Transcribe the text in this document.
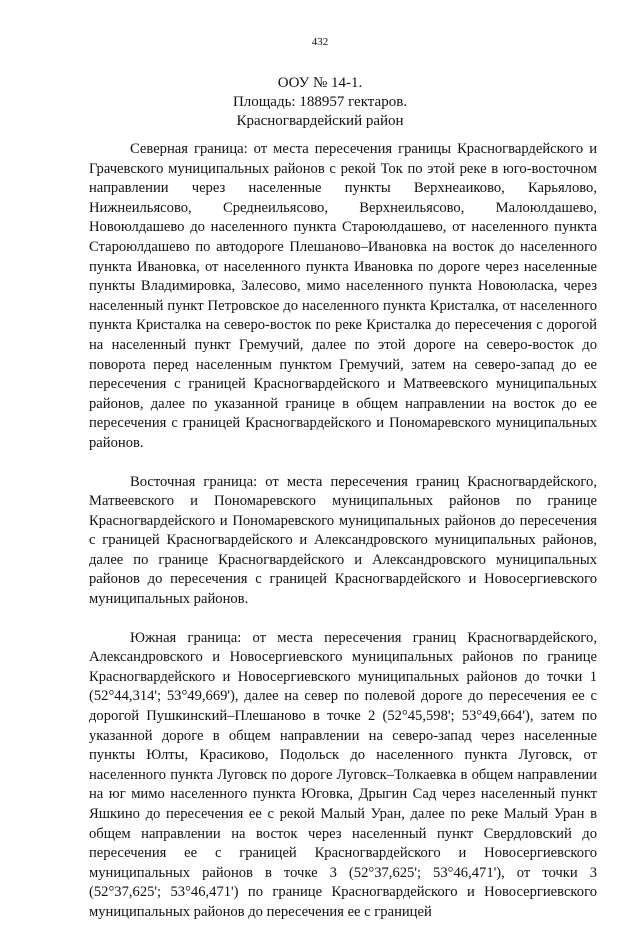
432
ООУ № 14-1.
Площадь: 188957 гектаров.
Красногвардейский район

Северная граница: от места пересечения границы Красногвардейского и Грачевского муниципальных районов с рекой Ток по этой реке в юго-восточном направлении через населенные пункты Верхнеаиково, Карьялово, Нижнеильясово, Среднеильясово, Верхнеильясово, Малоюлдашево, Новоюлдашево до населенного пункта Староюлдашево, от населенного пункта Староюлдашево по автодороге Плешаново–Ивановка на восток до населенного пункта Ивановка, от населенного пункта Ивановка по дороге через населенные пункты Владимировка, Залесово, мимо населенного пункта Новоюласка, через населенный пункт Петровское до населенного пункта Кристалка, от населенного пункта Кристалка на северо-восток по реке Кристалка до пересечения с дорогой на населенный пункт Гремучий, далее по этой дороге на северо-восток до поворота перед населенным пунктом Гремучий, затем на северо-запад до ее пересечения с границей Красногвардейского и Матвеевского муниципальных районов, далее по указанной границе в общем направлении на восток до ее пересечения с границей Красногвардейского и Пономаревского муниципальных районов.

Восточная граница: от места пересечения границ Красногвардейского, Матвеевского и Пономаревского муниципальных районов по границе Красногвардейского и Пономаревского муниципальных районов до пересечения с границей Красногвардейского и Александровского муниципальных районов, далее по границе Красногвардейского и Александровского муниципальных районов до пересечения с границей Красногвардейского и Новосергиевского муниципальных районов.

Южная граница: от места пересечения границ Красногвардейского, Александровского и Новосергиевского муниципальных районов по границе Красногвардейского и Новосергиевского муниципальных районов до точки 1 (52°44,314'; 53°49,669'), далее на север по полевой дороге до пересечения ее с дорогой Пушкинский–Плешаново в точке 2 (52°45,598'; 53°49,664'), затем по указанной дороге в общем направлении на северо-запад через населенные пункты Юлты, Красиково, Подольск до населенного пункта Луговск, от населенного пункта Луговск по дороге Луговск–Толкаевка в общем направлении на юг мимо населенного пункта Юговка, Дрыгин Сад через населенный пункт Яшкино до пересечения ее с рекой Малый Уран, далее по реке Малый Уран в общем направлении на восток через населенный пункт Свердловский до пересечения ее с границей Красногвардейского и Новосергиевского муниципальных районов в точке 3 (52°37,625'; 53°46,471'), от точки 3 (52°37,625'; 53°46,471') по границе Красногвардейского и Новосергиевского муниципальных районов до пересечения ее с границей
